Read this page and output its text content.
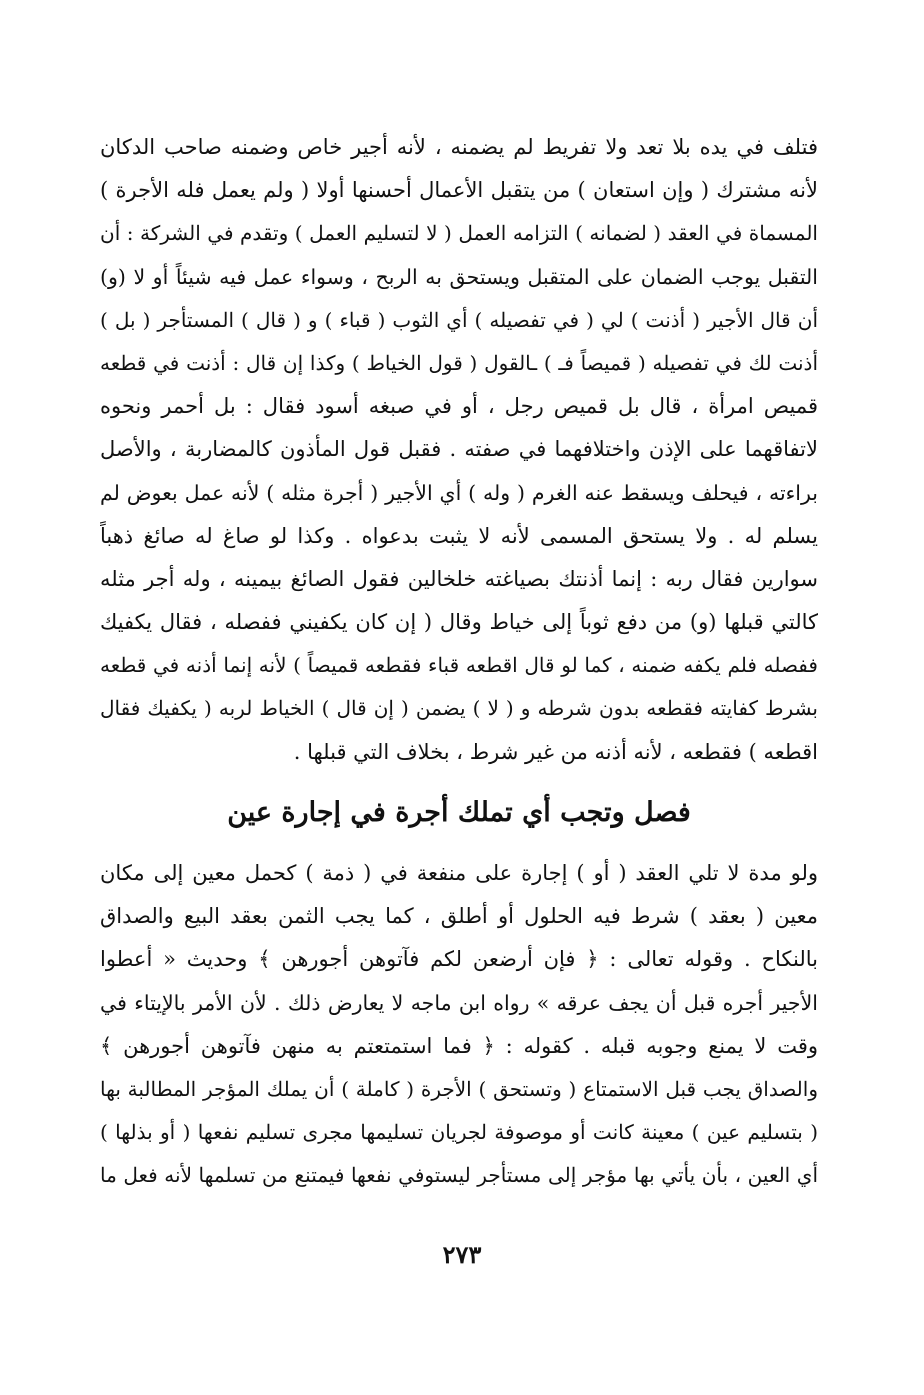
فتلف في يده بلا تعد ولا تفريط لم يضمنه ، لأنه أجير خاص وضمنه صاحب الدكان
لأنه مشترك ( وإن استعان ) من يتقبل الأعمال أحسنها أولا ( ولم يعمل فله الأجرة )
المسماة في العقد ( لضمانه ) التزامه العمل ( لا لتسليم العمل ) وتقدم في الشركة : أن
التقبل يوجب الضمان على المتقبل ويستحق به الربح ، وسواء عمل فيه شيئاً أو لا (و)
أن قال الأجير ( أذنت ) لي ( في تفصيله ) أي الثوب ( قباء ) و ( قال ) المستأجر ( بل )
أذنت لك في تفصيله ( قميصاً فـ ) ـالقول ( قول الخياط ) وكذا إن قال : أذنت في قطعه
قميص امرأة ، قال بل قميص رجل ، أو في صبغه أسود فقال : بل أحمر ونحوه
لاتفاقهما على الإذن واختلافهما في صفته . فقبل قول المأذون كالمضاربة ، والأصل
براءته ، فيحلف ويسقط عنه الغرم ( وله ) أي الأجير ( أجرة مثله ) لأنه عمل بعوض لم
يسلم له . ولا يستحق المسمى لأنه لا يثبت بدعواه . وكذا لو صاغ له صائغ ذهباً
سوارين فقال ربه : إنما أذنتك بصياغته خلخالين فقول الصائغ بيمينه ، وله أجر مثله
كالتي قبلها (و) من دفع ثوباً إلى خياط وقال ( إن كان يكفيني ففصله ، فقال يكفيك
ففصله فلم يكفه ضمنه ، كما لو قال اقطعه قباء فقطعه قميصاً ) لأنه إنما أذنه في قطعه
بشرط كفايته فقطعه بدون شرطه و ( لا ) يضمن ( إن قال ) الخياط لربه ( يكفيك فقال
اقطعه ) فقطعه ، لأنه أذنه من غير شرط ، بخلاف التي قبلها .
فصل وتجب أي تملك أجرة في إجارة عين
ولو مدة لا تلي العقد ( أو ) إجارة على منفعة في ( ذمة ) كحمل معين إلى مكان
معين ( بعقد ) شرط فيه الحلول أو أطلق ، كما يجب الثمن بعقد البيع والصداق
بالنكاح . وقوله تعالى : ﴿ فإن أرضعن لكم فآتوهن أجورهن ﴾ وحديث « أعطوا
الأجير أجره قبل أن يجف عرقه » رواه ابن ماجه لا يعارض ذلك . لأن الأمر بالإيتاء في
وقت لا يمنع وجوبه قبله . كقوله : ﴿ فما استمتعتم به منهن فآتوهن أجورهن ﴾
والصداق يجب قبل الاستمتاع ( وتستحق ) الأجرة ( كاملة ) أن يملك المؤجر المطالبة بها
( بتسليم عين ) معينة كانت أو موصوفة لجريان تسليمها مجرى تسليم نفعها ( أو بذلها )
أي العين ، بأن يأتي بها مؤجر إلى مستأجر ليستوفي نفعها فيمتنع من تسلمها لأنه فعل ما
٢٧٣
